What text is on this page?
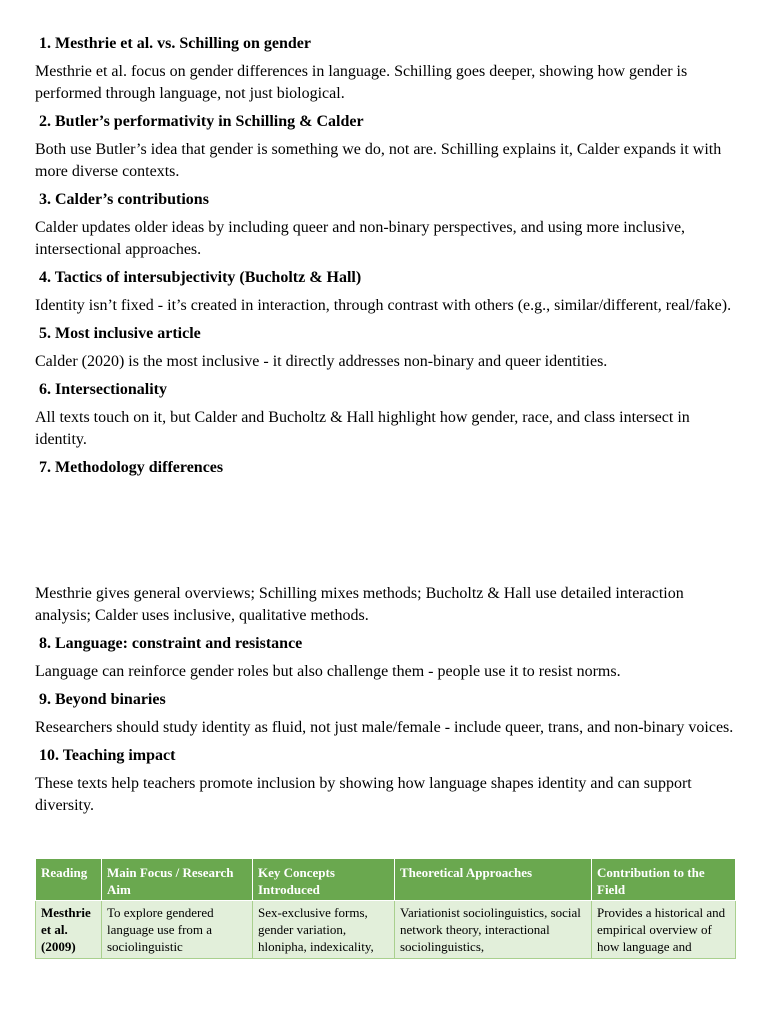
1. Mesthrie et al. vs. Schilling on gender
Mesthrie et al. focus on gender differences in language. Schilling goes deeper, showing how gender is performed through language, not just biological.
2. Butler’s performativity in Schilling & Calder
Both use Butler’s idea that gender is something we do, not are. Schilling explains it, Calder expands it with more diverse contexts.
3. Calder’s contributions
Calder updates older ideas by including queer and non-binary perspectives, and using more inclusive, intersectional approaches.
4. Tactics of intersubjectivity (Bucholtz & Hall)
Identity isn’t fixed - it’s created in interaction, through contrast with others (e.g., similar/different, real/fake).
5. Most inclusive article
Calder (2020) is the most inclusive - it directly addresses non-binary and queer identities.
6. Intersectionality
All texts touch on it, but Calder and Bucholtz & Hall highlight how gender, race, and class intersect in identity.
7. Methodology differences
Mesthrie gives general overviews; Schilling mixes methods; Bucholtz & Hall use detailed interaction analysis; Calder uses inclusive, qualitative methods.
8. Language: constraint and resistance
Language can reinforce gender roles but also challenge them - people use it to resist norms.
9. Beyond binaries
Researchers should study identity as fluid, not just male/female - include queer, trans, and non-binary voices.
10. Teaching impact
These texts help teachers promote inclusion by showing how language shapes identity and can support diversity.
Reading	Main Focus / Research Aim	Key Concepts Introduced	Theoretical Approaches	Contribution to the Field
Mesthrie et al. (2009)	To explore gendered language use from a sociolinguistic	Sex-exclusive forms, gender variation, hlonipha, indexicality,	Variationist sociolinguistics, social network theory, interactional sociolinguistics,	Provides a historical and empirical overview of how language and
